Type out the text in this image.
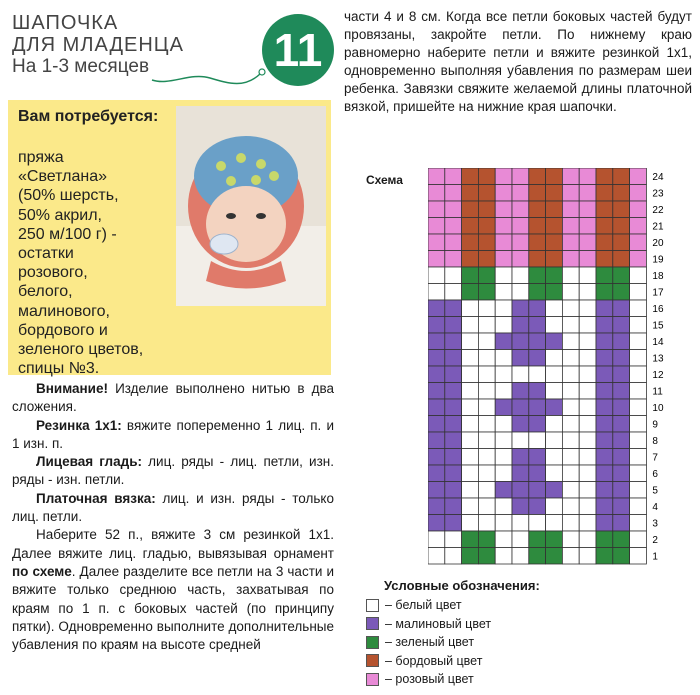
ШАПОЧКА
ДЛЯ МЛАДЕНЦА
На 1-3 месяцев	11
Вам потребуется:
пряжа
«Светлана»
(50% шерсть,
50% акрил,
250 м/100 г) -
остатки
розового,
белого,
малинового,
бордового и зеленого цветов,
спицы №3.

Внимание! Изделие выполнено нитью в два сложения.

Резинка 1x1: вяжите попеременно 1 лиц. п. и 1 изн. п.

Лицевая гладь: лиц. ряды - лиц. петли, изн. ряды - изн. петли.

Платочная вязка: лиц. и изн. ряды - только лиц. петли.

Наберите 52 п., вяжите 3 см резинкой 1x1. Далее вяжите лиц. гладью, вывязывая орнамент по схеме. Далее разделите все петли на 3 части и вяжите только среднюю часть, захватывая по краям по 1 п. с боковых частей (по принципу пятки). Одновременно выполните дополнительные убавления по краям на высоте средней

части 4 и 8 см. Когда все петли боковых частей будут провязаны, закройте петли. По нижнему краю равномерно наберите петли и вяжите резинкой 1x1, одновременно выполняя убавления по размерам шеи ребенка. Завязки свяжите желаемой длины платочной вязкой, пришейте на нижние края шапочки.
Схема	24
23
22
21
20
19
18
17
16
15
14
13
12
11
10
9
8
7
6
5
4
3
2
1
Условные обозначения:
– белый цвет
– малиновый цвет
– зеленый цвет
– бордовый цвет
– розовый цвет
